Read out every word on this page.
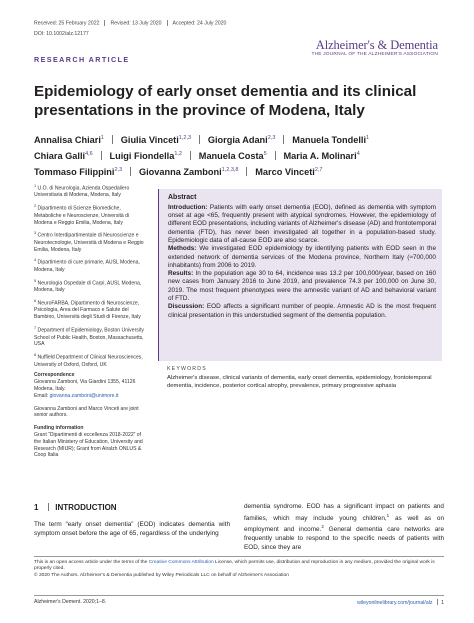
Received: 25 February 2022 Revised: 13 July 2020 Accepted: 24 July 2020
DOI: 10.1002/alz.12177
Alzheimer's & Dementia
THE JOURNAL OF THE ALZHEIMER'S ASSOCIATION
RESEARCH ARTICLE
Epidemiology of early onset dementia and its clinical presentations in the province of Modena, Italy
Annalisa Chiari$^1$ Giulia Vinceti$^{1,2,3}$ Giorgia Adani$^{2,3}$ Manuela Tondelli$^1$
Chiara Galli$^{4,6}$ Luigi Fiondella$^{1,2}$ Manuela Costa$^5$ Maria A. Molinari$^4$
Tommaso Filippini$^{2,3}$ Giovanna Zamboni$^{1,2,3,8}$ Marco Vinceti$^{2,7}$
$^1$ U.O. di Neurologia, Azienda Ospedaliero Universitaria di Modena, Modena, Italy
$^2$ Dipartimento di Scienze Biomediche, Metaboliche e Neuroscienze, Università di Modena e Reggio Emilia, Modena, Italy
$^3$ Centro Interdipartimentale di Neuroscienze e Neurotecnologie, Università di Modena e Reggio Emilia, Modena, Italy
$^4$ Dipartimento di cure primarie, AUSL Modena, Modena, Italy
$^5$ Neurologia Ospedale di Carpi, AUSL Modena, Modena, Italy
$^6$ NeuroFARBA, Dipartimento di Neuroscienze, Psicologia, Area del Farmaco e Salute del Bambino, Università degli Studi di Firenze, Italy
$^7$ Department of Epidemiology, Boston University School of Public Health, Boston, Massachusetts, USA
$^8$ Nuffield Department of Clinical Neurosciences, University of Oxford, Oxford, UK
Correspondence
Giovanna Zamboni, Via Giardini 1355, 41126 Modena, Italy.
Email: giovanna.zamboni@unimore.it
Giovanna Zamboni and Marco Vinceti are joint senior authors.
Funding information
Grant “Dipartimenti di eccellenza 2018-2022” of the Italian Ministery of Education, University and Research (MIUR); Grant from Airalzh ONLUS & Coop Italia
Abstract

Introduction: Patients with early onset dementia (EOD), defined as dementia with symptom onset at age <65, frequently present with atypical syndromes. However, the epidemiology of different EOD presentations, including variants of Alzheimer's disease (AD) and frontotemporal dementia (FTD), has never been investigated all together in a population-based study. Epidemiologic data of all-cause EOD are also scarce.

Methods: We investigated EOD epidemiology by identifying patients with EOD seen in the extended network of dementia services of the Modena province, Northern Italy (≈700,000 inhabitants) from 2006 to 2019.

Results: In the population age 30 to 64, incidence was 13.2 per 100,000/year, based on 160 new cases from January 2016 to June 2019, and prevalence 74.3 per 100,000 on June 30, 2019. The most frequent phenotypes were the amnestic variant of AD and behavioral variant of FTD.

Discussion: EOD affects a significant number of people. Amnestic AD is the most frequent clinical presentation in this understudied segment of the dementia population.

KEYWORDS
Alzheimer's disease, clinical variants of dementia, early onset dementia, epidemiology, frontotemporal dementia, incidence, posterior cortical atrophy, prevalence, primary progressive aphasia
1 INTRODUCTION
The term “early onset dementia” (EOD) indicates dementia with symptom onset before the age of 65, regardless of the underlying
dementia syndrome. EOD has a significant impact on patients and families, which may include young children,$^1$ as well as on employment and income.$^2$ General dementia care networks are frequently unable to respond to the specific needs of patients with EOD, since they are
This is an open access article under the terms of the Creative Commons Attribution License, which permits use, distribution and reproduction in any medium, provided the original work is properly cited.
© 2020 The Authors. Alzheimer's & Dementia published by Wiley Periodicals LLC on behalf of Alzheimer's Association
Alzheimer's Dement. 2020;1–8.	wileyonlinelibrary.com/journal/alz 1
